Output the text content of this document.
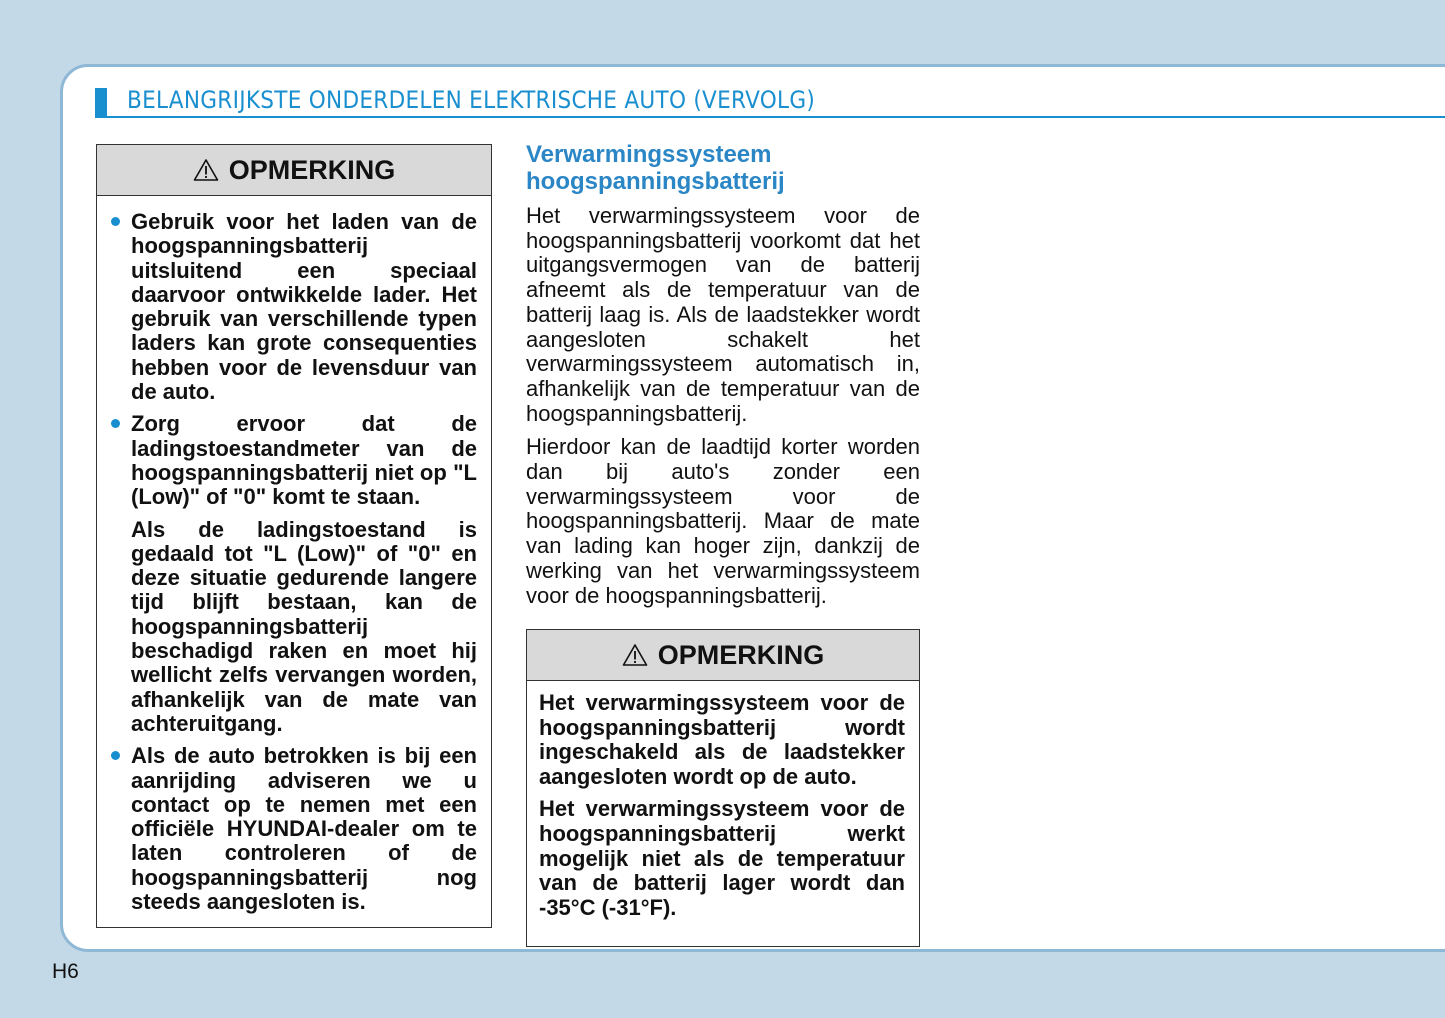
BELANGRIJKSTE ONDERDELEN ELEKTRISCHE AUTO (VERVOLG)
OPMERKING
Gebruik voor het laden van de hoogspanningsbatterij uitsluitend een speciaal daarvoor ontwikkelde lader. Het gebruik van verschillende typen laders kan grote consequenties hebben voor de levensduur van de auto.
Zorg ervoor dat de ladingstoestandmeter van de hoogspanningsbatterij niet op "L (Low)" of "0" komt te staan.

Als de ladingstoestand is gedaald tot "L (Low)" of "0" en deze situatie gedurende langere tijd blijft bestaan, kan de hoogspanningsbatterij beschadigd raken en moet hij wellicht zelfs vervangen worden, afhankelijk van de mate van achteruitgang.

Als de auto betrokken is bij een aanrijding adviseren we u contact op te nemen met een officiële HYUNDAI-dealer om te laten controleren of de hoogspanningsbatterij nog steeds aangesloten is.
Verwarmingssysteem
hoogspanningsbatterij

Het verwarmingssysteem voor de hoogspanningsbatterij voorkomt dat het uitgangsvermogen van de batterij afneemt als de temperatuur van de batterij laag is. Als de laadstekker wordt aangesloten schakelt het verwarmingssysteem automatisch in, afhankelijk van de temperatuur van de hoogspanningsbatterij.

Hierdoor kan de laadtijd korter worden dan bij auto's zonder een verwarmingssysteem voor de hoogspanningsbatterij. Maar de mate van lading kan hoger zijn, dankzij de werking van het verwarmingssysteem voor de hoogspanningsbatterij.

OPMERKING

Het verwarmingssysteem voor de hoogspanningsbatterij wordt ingeschakeld als de laadstekker aangesloten wordt op de auto.

Het verwarmingssysteem voor de hoogspanningsbatterij werkt mogelijk niet als de temperatuur van de batterij lager wordt dan -35°C (-31°F).

H6
